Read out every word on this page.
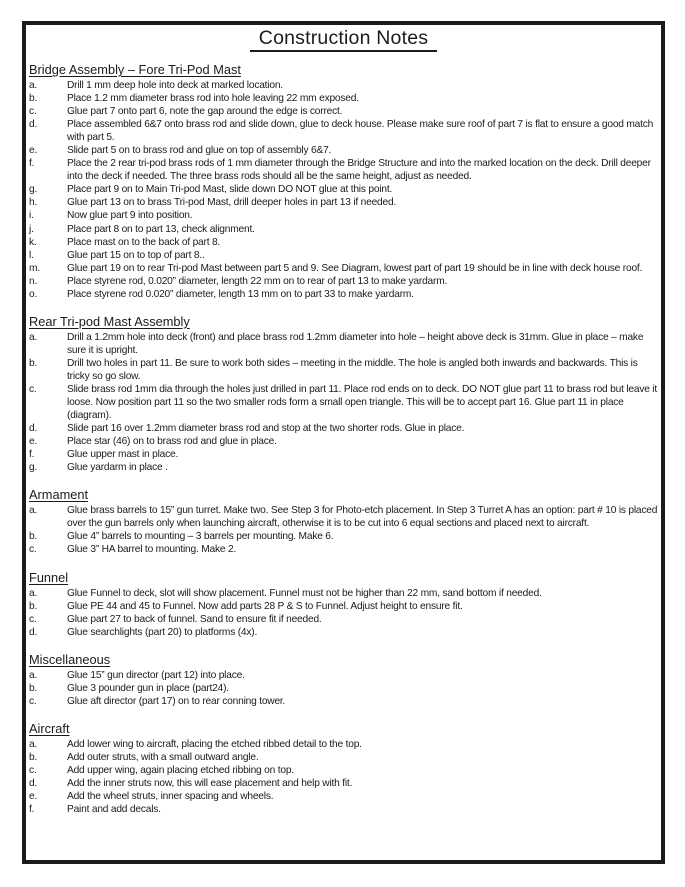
Construction Notes
Bridge Assembly – Fore Tri-Pod Mast
a.	Drill 1 mm deep hole into deck at marked location.
b.	Place 1.2 mm diameter brass rod into hole leaving 22 mm exposed.
c.	Glue part 7 onto part 6, note the gap around the edge is correct.
d.	Place assembled 6&7 onto brass rod and slide down, glue to deck house. Please make sure roof of part 7 is flat to ensure a good match with part 5.
e.	Slide part 5 on to brass rod and glue on top of assembly 6&7.
f.	Place the 2 rear tri-pod brass rods of 1 mm diameter through the Bridge Structure and into the marked location on the deck. Drill deeper into the deck if needed. The three brass rods should all be the same height, adjust as needed.
g.	Place part 9 on to Main Tri-pod Mast, slide down DO NOT glue at this point.
h.	Glue part 13 on to brass Tri-pod Mast, drill deeper holes in part 13 if needed.
i.	Now glue part 9 into position.
j.	Place part 8 on to part 13, check alignment.
k.	Place mast on to the back of part 8.
l.	Glue part 15 on to top of part 8..
m.	Glue part 19 on to rear Tri-pod Mast between part 5 and 9. See Diagram, lowest part of part 19 should be in line with deck house roof.
n.	Place styrene rod, 0.020” diameter, length 22 mm on to rear of part 13 to make yardarm.
o.	Place styrene rod 0.020” diameter, length 13 mm on to part 33 to make yardarm.
Rear Tri-pod Mast Assembly
a.	Drill a 1.2mm hole into deck (front) and place brass rod 1.2mm diameter into hole – height above deck is 31mm. Glue in place – make sure it is upright.
b.	Drill two holes in part 11. Be sure to work both sides – meeting in the middle. The hole is angled both inwards and backwards. This is tricky so go slow.
c.	Slide brass rod 1mm dia through the holes just drilled in part 11. Place rod ends on to deck. DO NOT glue part 11 to brass rod but leave it loose. Now position part 11 so the two smaller rods form a small open triangle. This will be to accept part 16. Glue part 11 in place (diagram).
d.	Slide part 16 over 1.2mm diameter brass rod and stop at the two shorter rods. Glue in place.
e.	Place star (46) on to brass rod and glue in place.
f.	Glue upper mast in place.
g.	Glue yardarm in place .
Armament
a.	Glue brass barrels to 15” gun turret. Make two. See Step 3 for Photo-etch placement. In Step 3 Turret A has an option: part # 10 is placed over the gun barrels only when launching aircraft, otherwise it is to be cut into 6 equal sections and placed next to aircraft.
b.	Glue 4” barrels to mounting – 3 barrels per mounting. Make 6.
c.	Glue 3” HA barrel to mounting. Make 2.
Funnel
a.	Glue Funnel to deck, slot will show placement. Funnel must not be higher than 22 mm, sand bottom if needed.
b.	Glue PE 44 and 45 to Funnel. Now add parts 28 P & S to Funnel. Adjust height to ensure fit.
c.	Glue part 27 to back of funnel. Sand to ensure fit if needed.
d.	Glue searchlights (part 20) to platforms (4x).
Miscellaneous
a.	Glue 15” gun director (part 12) into place.
b.	Glue 3 pounder gun in place (part24).
c.	Glue aft director (part 17) on to rear conning tower.
Aircraft
a.	Add lower wing to aircraft, placing the etched ribbed detail to the top.
b.	Add outer struts, with a small outward angle.
c.	Add upper wing, again placing etched ribbing on top.
d.	Add the inner struts now, this will ease placement and help with fit.
e.	Add the wheel struts, inner spacing and wheels.
f.	Paint and add decals.
